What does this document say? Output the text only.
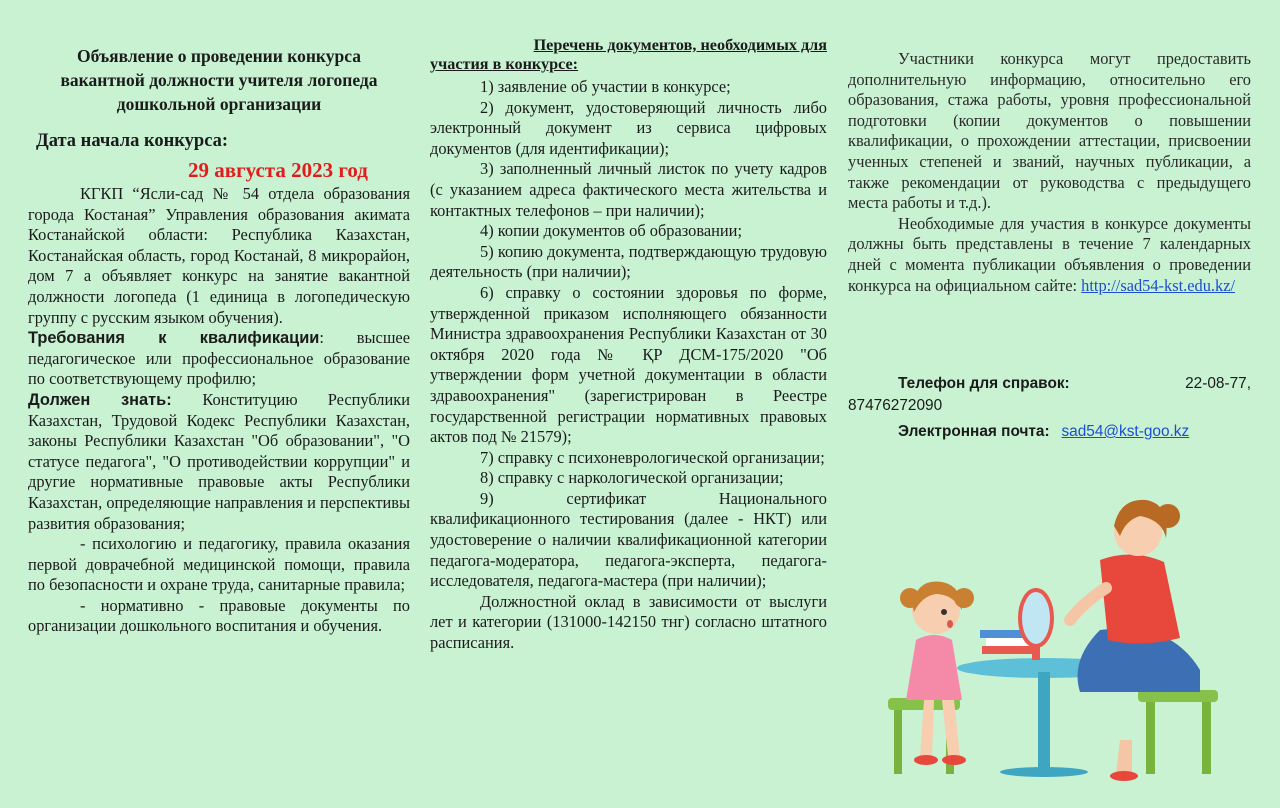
Объявление о проведении конкурса
вакантной должности учителя логопеда
дошкольной организации
Дата начала конкурса:
29 августа 2023 год

КГКП “Ясли-сад № 54 отдела образования города Костаная” Управления образования акимата Костанайской области: Республика Казахстан, Костанайская область, город Костанай, 8 микрорайон, дом 7 а объявляет конкурс на занятие вакантной должности логопеда (1 единица в логопедическую группу с русским языком обучения).

Требования к квалификации: высшее педагогическое или профессиональное образование по соответствующему профилю;

Должен знать: Конституцию Республики Казахстан, Трудовой Кодекс Республики Казахстан, законы Республики Казахстан "Об образовании", "О статусе педагога", "О противодействии коррупции" и другие нормативные правовые акты Республики Казахстан, определяющие направления и перспективы развития образования;

- психологию и педагогику, правила оказания первой доврачебной медицинской помощи, правила по безопасности и охране труда, санитарные правила;

- нормативно - правовые документы по организации дошкольного воспитания и обучения.

Перечень документов, необходимых для
участия в конкурсе:

1) заявление об участии в конкурсе;

2) документ, удостоверяющий личность либо электронный документ из сервиса цифровых документов (для идентификации);

3) заполненный личный листок по учету кадров (с указанием адреса фактического места жительства и контактных телефонов – при наличии);

4) копии документов об образовании;

5) копию документа, подтверждающую трудовую деятельность (при наличии);

6) справку о состоянии здоровья по форме, утвержденной приказом исполняющего обязанности Министра здравоохранения Республики Казахстан от 30 октября 2020 года № ҚР ДСМ-175/2020 "Об утверждении форм учетной документации в области здравоохранения" (зарегистрирован в Реестре государственной регистрации нормативных правовых актов под № 21579);

7) справку с психоневрологической организации;

8) справку с наркологической организации;

9) сертификат Национального квалификационного тестирования (далее - НКТ) или удостоверение о наличии квалификационной категории педагога-модератора, педагога-эксперта, педагога-исследователя, педагога-мастера (при наличии);

Должностной оклад в зависимости от выслуги лет и категории (131000-142150 тнг) согласно штатного расписания.

Участники конкурса могут предоставить дополнительную информацию, относительно его образования, стажа работы, уровня профессиональной подготовки (копии документов о повышении квалификации, о прохождении аттестации, присвоении ученных степеней и званий, научных публикации, а также рекомендации от руководства с предыдущего места работы и т.д.).

Необходимые для участия в конкурсе документы должны быть представлены в течение 7 календарных дней с момента публикации объявления о проведении конкурса на официальном сайте: http://sad54-kst.edu.kz/

Телефон для справок:	22-08-77,
87476272090
Электронная почта: sad54@kst-goo.kz
